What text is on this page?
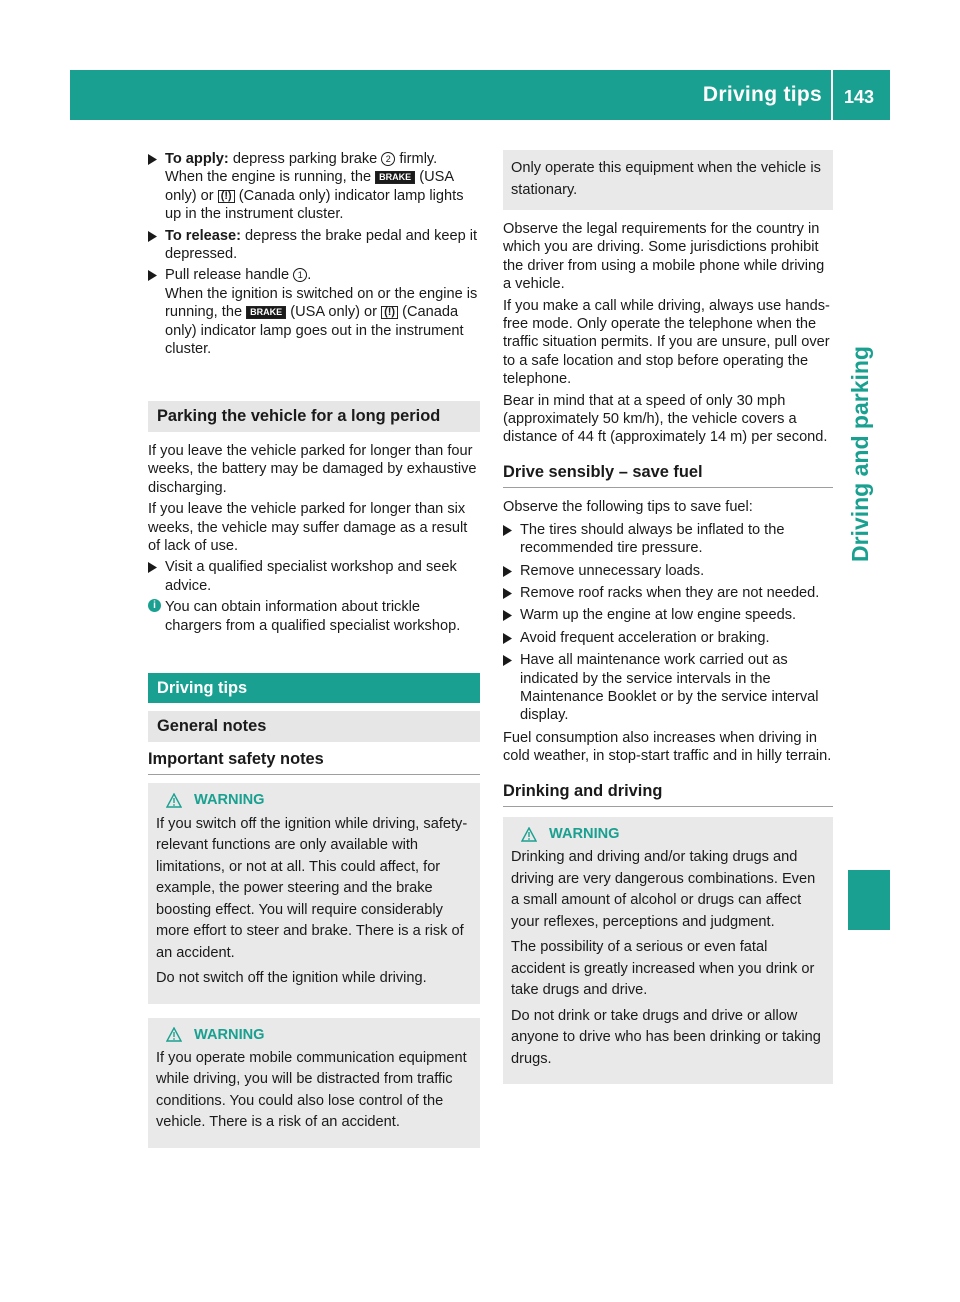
Driving tips 143
Driving and parking
To apply: depress parking brake 2 firmly.
When the engine is running, the BRAKE (USA only) or (!) (Canada only) indicator lamp lights up in the instrument cluster.
To release: depress the brake pedal and keep it depressed.
Pull release handle 1 .
When the ignition is switched on or the engine is running, the BRAKE (USA only) or (!) (Canada only) indicator lamp goes out in the instrument cluster.
Parking the vehicle for a long period

If you leave the vehicle parked for longer than four weeks, the battery may be damaged by exhaustive discharging.

If you leave the vehicle parked for longer than six weeks, the vehicle may suffer damage as a result of lack of use.

Visit a qualified specialist workshop and seek advice.
i You can obtain information about trickle chargers from a qualified specialist workshop.
Driving tips
General notes
Important safety notes
WARNING

If you switch off the ignition while driving, safety-relevant functions are only available with limitations, or not at all. This could affect, for example, the power steering and the brake boosting effect. You will require considerably more effort to steer and brake. There is a risk of an accident.

Do not switch off the ignition while driving.

WARNING

If you operate mobile communication equipment while driving, you will be distracted from traffic conditions. You could also lose control of the vehicle. There is a risk of an accident.

Only operate this equipment when the vehicle is stationary.

Observe the legal requirements for the country in which you are driving. Some jurisdictions prohibit the driver from using a mobile phone while driving a vehicle.

If you make a call while driving, always use hands-free mode. Only operate the telephone when the traffic situation permits. If you are unsure, pull over to a safe location and stop before operating the telephone.

Bear in mind that at a speed of only 30 mph (approximately 50 km/h), the vehicle covers a distance of 44 ft (approximately 14 m) per second.

Drive sensibly – save fuel

Observe the following tips to save fuel:

The tires should always be inflated to the recommended tire pressure.
Remove unnecessary loads.
Remove roof racks when they are not needed.
Warm up the engine at low engine speeds.
Avoid frequent acceleration or braking.
Have all maintenance work carried out as indicated by the service intervals in the Maintenance Booklet or by the service interval display.

Fuel consumption also increases when driving in cold weather, in stop-start traffic and in hilly terrain.

Drinking and driving
WARNING

Drinking and driving and/or taking drugs and driving are very dangerous combinations. Even a small amount of alcohol or drugs can affect your reflexes, perceptions and judgment.

The possibility of a serious or even fatal accident is greatly increased when you drink or take drugs and drive.

Do not drink or take drugs and drive or allow anyone to drive who has been drinking or taking drugs.
